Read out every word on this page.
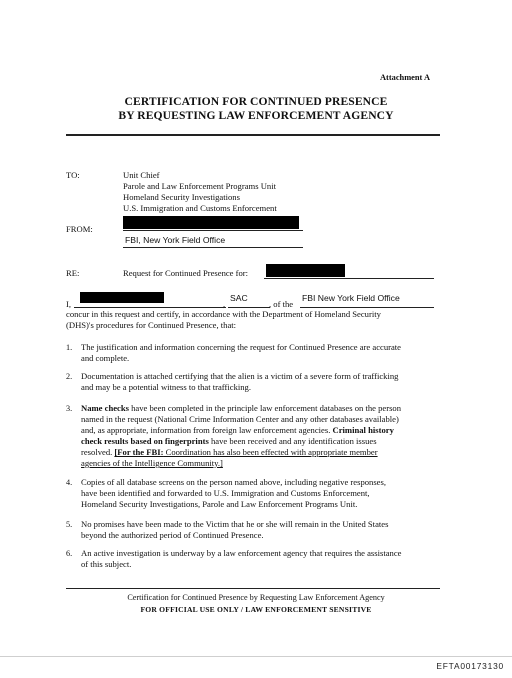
Attachment A
CERTIFICATION FOR CONTINUED PRESENCE
BY REQUESTING LAW ENFORCEMENT AGENCY
TO:	Unit Chief
Parole and Law Enforcement Programs Unit
Homeland Security Investigations
U.S. Immigration and Customs Enforcement
FROM:
FBI, New York Field Office
RE:	Request for Continued Presence for:
I,	,
SAC
, of the
FBI New York Field Office
concur in this request and certify, in accordance with the Department of Homeland Security
(DHS)'s procedures for Continued Presence, that:
1. The justification and information concerning the request for Continued Presence are accurate
and complete.
2. Documentation is attached certifying that the alien is a victim of a severe form of trafficking
and may be a potential witness to that trafficking.
3. Name checks have been completed in the principle law enforcement databases on the person
named in the request (National Crime Information Center and any other databases available)
and, as appropriate, information from foreign law enforcement agencies. Criminal history
check results based on fingerprints have been received and any identification issues
resolved. [For the FBI: Coordination has also been effected with appropriate member
agencies of the Intelligence Community.]
4. Copies of all database screens on the person named above, including negative responses,
have been identified and forwarded to U.S. Immigration and Customs Enforcement,
Homeland Security Investigations, Parole and Law Enforcement Programs Unit.
5. No promises have been made to the Victim that he or she will remain in the United States
beyond the authorized period of Continued Presence.
6. An active investigation is underway by a law enforcement agency that requires the assistance
of this subject.
Certification for Continued Presence by Requesting Law Enforcement Agency
FOR OFFICIAL USE ONLY / LAW ENFORCEMENT SENSITIVE
EFTA00173130
